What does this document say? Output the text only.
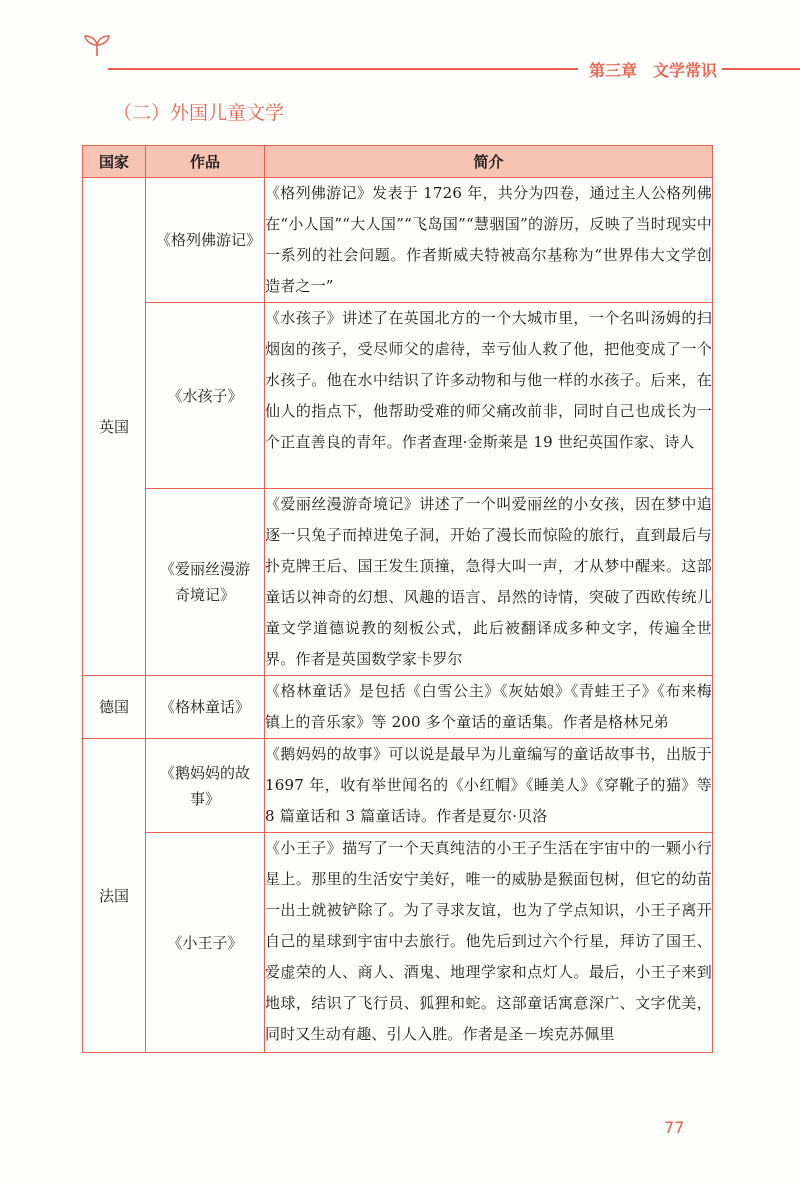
第三章　文学常识
（二）外国儿童文学
国家	作品	简介
英国	《格列佛游记》	《格列佛游记》发表于 1726 年，共分为四卷，通过主人公格列佛在“小人国”“大人国”“飞岛国”“慧骃国”的游历，反映了当时现实中一系列的社会问题。作者斯威夫特被高尔基称为“世界伟大文学创造者之一”

	《水孩子》	《水孩子》讲述了在英国北方的一个大城市里，一个名叫汤姆的扫烟囱的孩子，受尽师父的虐待，幸亏仙人救了他，把他变成了一个水孩子。他在水中结识了许多动物和与他一样的水孩子。后来，在仙人的指点下，他帮助受难的师父痛改前非，同时自己也成长为一个正直善良的青年。作者查理·金斯莱是 19 世纪英国作家、诗人

	《爱丽丝漫游奇境记》	《爱丽丝漫游奇境记》讲述了一个叫爱丽丝的小女孩，因在梦中追逐一只兔子而掉进兔子洞，开始了漫长而惊险的旅行，直到最后与扑克牌王后、国王发生顶撞，急得大叫一声，才从梦中醒来。这部童话以神奇的幻想、风趣的语言、昂然的诗情，突破了西欧传统儿童文学道德说教的刻板公式，此后被翻译成多种文字，传遍全世界。作者是英国数学家卡罗尔
德国	《格林童话》	《格林童话》是包括《白雪公主》《灰姑娘》《青蛙王子》《布来梅镇上的音乐家》等 200 多个童话的童话集。作者是格林兄弟
法国	《鹅妈妈的故事》	《鹅妈妈的故事》可以说是最早为儿童编写的童话故事书，出版于 1697 年，收有举世闻名的《小红帽》《睡美人》《穿靴子的猫》等 8 篇童话和 3 篇童话诗。作者是夏尔·贝洛

	《小王子》	《小王子》描写了一个天真纯洁的小王子生活在宇宙中的一颗小行星上。那里的生活安宁美好，唯一的威胁是猴面包树，但它的幼苗一出土就被铲除了。为了寻求友谊，也为了学点知识，小王子离开自己的星球到宇宙中去旅行。他先后到过六个行星，拜访了国王、爱虚荣的人、商人、酒鬼、地理学家和点灯人。最后，小王子来到地球，结识了飞行员、狐狸和蛇。这部童话寓意深广、文字优美，同时又生动有趣、引人入胜。作者是圣－埃克苏佩里
77
